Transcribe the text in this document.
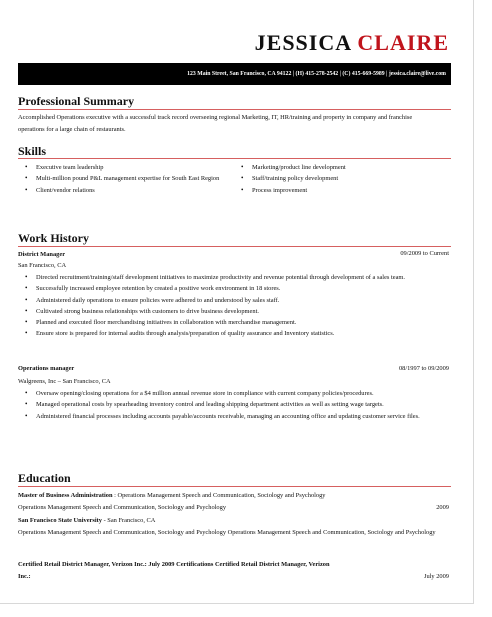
JESSICA CLAIRE
123 Main Street, San Francisco, CA 94122 | (H) 415-278-2542 | (C) 415-669-5989 | jessica.claire@live.com
Professional Summary
Accomplished Operations executive with a successful track record overseeing regional Marketing, IT, HR/training and property in company and franchise operations for a large chain of restaurants.
Skills
• Executive team leadership
• Multi-million pound P&L management expertise for South East Region
• Client/vendor relations
• Marketing/product line development
• Staff/training policy development
• Process improvement
Work History
District Manager	09/2009 to Current
San Francisco, CA
• Directed recruitment/training/staff development initiatives to maximize productivity and revenue potential through development of a sales team.
• Successfully increased employee retention by created a positive work environment in 18 stores.
• Administered daily operations to ensure policies were adhered to and understood by sales staff.
• Cultivated strong business relationships with customers to drive business development.
• Planned and executed floor merchandising initiatives in collaboration with merchandise management.
• Ensure store is prepared for internal audits through analysis/preparation of quality assurance and Inventory statistics.
Operations manager	08/1997 to 09/2009
Walgreens, Inc – San Francisco, CA
• Oversaw opening/closing operations for a $4 million annual revenue store in compliance with current company policies/procedures.
• Managed operational costs by spearheading inventory control and leading shipping department activities as well as setting wage targets.
• Administered financial processes including accounts payable/accounts receivable, managing an accounting office and updating customer service files.
Education
Master of Business Administration : Operations Management Speech and Communication, Sociology and Psychology
Operations Management Speech and Communication, Sociology and Psychology	2009
San Francisco State University - San Francisco, CA
Operations Management Speech and Communication, Sociology and Psychology Operations Management Speech and Communication, Sociology and Psychology
Certified Retail District Manager, Verizon Inc.: July 2009 Certifications Certified Retail District Manager, Verizon
Inc.:	July 2009
